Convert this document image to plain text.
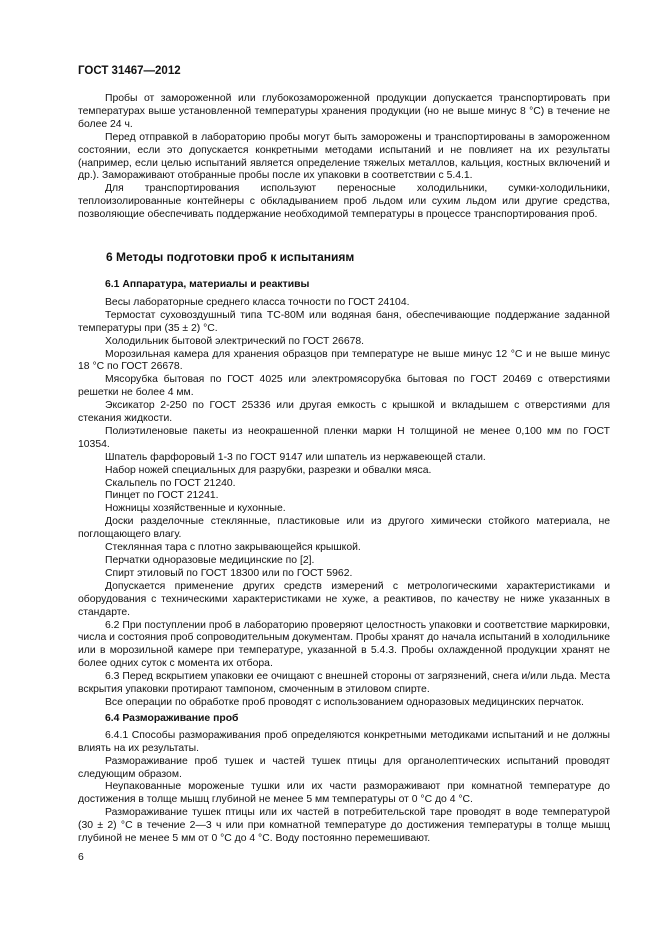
ГОСТ 31467—2012

Пробы от замороженной или глубокозамороженной продукции допускается транспортировать при температурах выше установленной температуры хранения продукции (но не выше минус 8 °С) в течение не более 24 ч.

Перед отправкой в лабораторию пробы могут быть заморожены и транспортированы в замороженном состоянии, если это допускается конкретными методами испытаний и не повлияет на их результаты (например, если целью испытаний является определение тяжелых металлов, кальция, костных включений и др.). Замораживают отобранные пробы после их упаковки в соответствии с 5.4.1.

Для транспортирования используют переносные холодильники, сумки-холодильники, теплоизолированные контейнеры с обкладыванием проб льдом или сухим льдом или другие средства, позволяющие обеспечивать поддержание необходимой температуры в процессе транспортирования проб.

6 Методы подготовки проб к испытаниям
6.1 Аппаратура, материалы и реактивы

Весы лабораторные среднего класса точности по ГОСТ 24104.

Термостат суховоздушный типа ТС-80М или водяная баня, обеспечивающие поддержание заданной температуры при (35 ± 2) °С.

Холодильник бытовой электрический по ГОСТ 26678.

Морозильная камера для хранения образцов при температуре не выше минус 12 °С и не выше минус 18 °С по ГОСТ 26678.

Мясорубка бытовая по ГОСТ 4025 или электромясорубка бытовая по ГОСТ 20469 с отверстиями решетки не более 4 мм.

Эксикатор 2-250 по ГОСТ 25336 или другая емкость с крышкой и вкладышем с отверстиями для стекания жидкости.

Полиэтиленовые пакеты из неокрашенной пленки марки Н толщиной не менее 0,100 мм по ГОСТ 10354.

Шпатель фарфоровый 1-3 по ГОСТ 9147 или шпатель из нержавеющей стали.

Набор ножей специальных для разрубки, разрезки и обвалки мяса.

Скальпель по ГОСТ 21240.

Пинцет по ГОСТ 21241.

Ножницы хозяйственные и кухонные.

Доски разделочные стеклянные, пластиковые или из другого химически стойкого материала, не поглощающего влагу.

Стеклянная тара с плотно закрывающейся крышкой.

Перчатки одноразовые медицинские по [2].

Спирт этиловый по ГОСТ 18300 или по ГОСТ 5962.

Допускается применение других средств измерений с метрологическими характеристиками и оборудования с техническими характеристиками не хуже, а реактивов, по качеству не ниже указанных в стандарте.

6.2 При поступлении проб в лабораторию проверяют целостность упаковки и соответствие маркировки, числа и состояния проб сопроводительным документам. Пробы хранят до начала испытаний в холодильнике или в морозильной камере при температуре, указанной в 5.4.3. Пробы охлажденной продукции хранят не более одних суток с момента их отбора.

6.3 Перед вскрытием упаковки ее очищают с внешней стороны от загрязнений, снега и/или льда. Места вскрытия упаковки протирают тампоном, смоченным в этиловом спирте.

Все операции по обработке проб проводят с использованием одноразовых медицинских перчаток.

6.4 Размораживание проб

6.4.1 Способы размораживания проб определяются конкретными методиками испытаний и не должны влиять на их результаты.

Размораживание проб тушек и частей тушек птицы для органолептических испытаний проводят следующим образом.

Неупакованные мороженые тушки или их части размораживают при комнатной температуре до достижения в толще мышц глубиной не менее 5 мм температуры от 0 °С до 4 °С.

Размораживание тушек птицы или их частей в потребительской таре проводят в воде температурой (30 ± 2) °С в течение 2—3 ч или при комнатной температуре до достижения температуры в толще мышц глубиной не менее 5 мм от 0 °С до 4 °С. Воду постоянно перемешивают.

6
